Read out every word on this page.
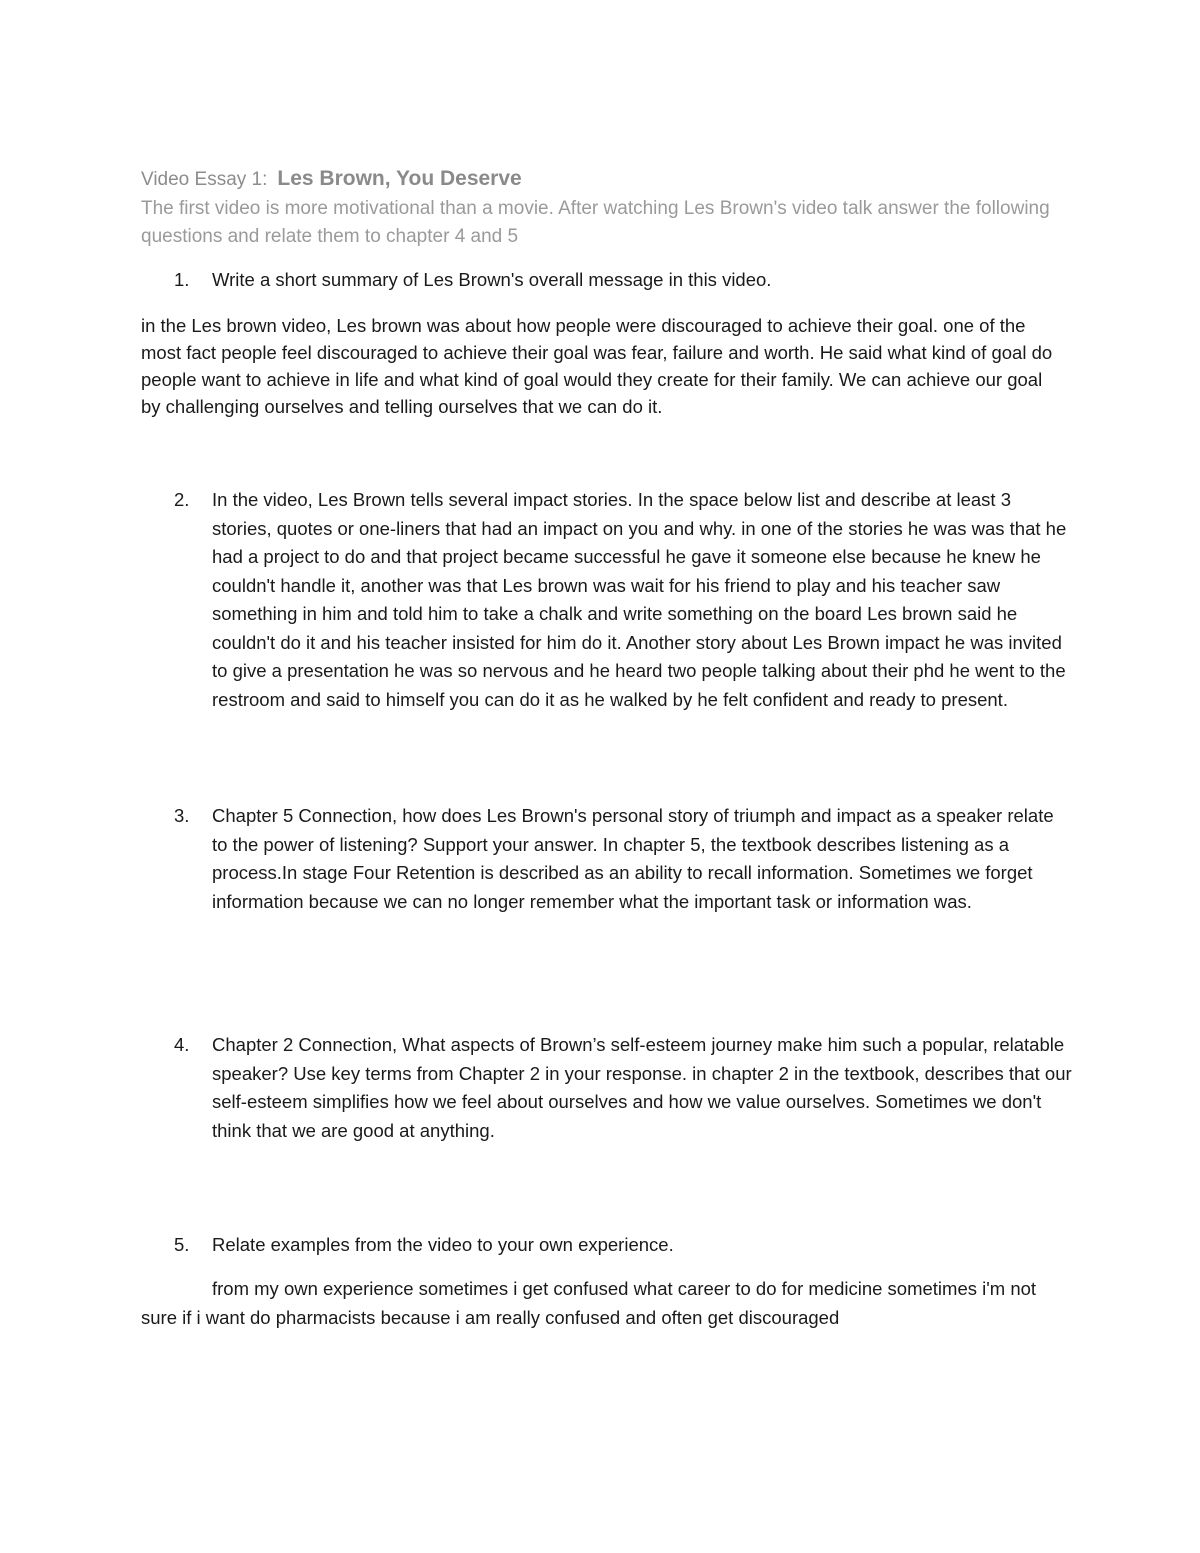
Video Essay 1: Les Brown, You Deserve
The first video is more motivational than a movie. After watching Les Brown's video talk answer the following questions and relate them to chapter 4 and 5
1. Write a short summary of Les Brown's overall message in this video.
in the Les brown video, Les brown was about how people were discouraged to achieve their goal. one of the most fact people feel discouraged to achieve their goal was fear, failure and worth. He said what kind of goal do people want to achieve in life and what kind of goal would they create for their family. We can achieve our goal by challenging ourselves and telling ourselves that we can do it.
2. In the video, Les Brown tells several impact stories. In the space below list and describe at least 3 stories, quotes or one-liners that had an impact on you and why. in one of the stories he was was that he had a project to do and that project became successful he gave it someone else because he knew he couldn't handle it, another was that Les brown was wait for his friend to play and his teacher saw something in him and told him to take a chalk and write something on the board Les brown said he couldn't do it and his teacher insisted for him do it. Another story about Les Brown impact he was invited to give a presentation he was so nervous and he heard two people talking about their phd he went to the restroom and said to himself you can do it as he walked by he felt confident and ready to present.
3. Chapter 5 Connection, how does Les Brown's personal story of triumph and impact as a speaker relate to the power of listening? Support your answer. In chapter 5, the textbook describes listening as a process.In stage Four Retention is described as an ability to recall information. Sometimes we forget information because we can no longer remember what the important task or information was.
4. Chapter 2 Connection, What aspects of Brown’s self-esteem journey make him such a popular, relatable speaker? Use key terms from Chapter 2 in your response. in chapter 2 in the textbook, describes that our self-esteem simplifies how we feel about ourselves and how we value ourselves. Sometimes we don't think that we are good at anything.
5. Relate examples from the video to your own experience.
from my own experience sometimes i get confused what career to do for medicine sometimes i'm not sure if i want do pharmacists because i am really confused and often get discouraged
